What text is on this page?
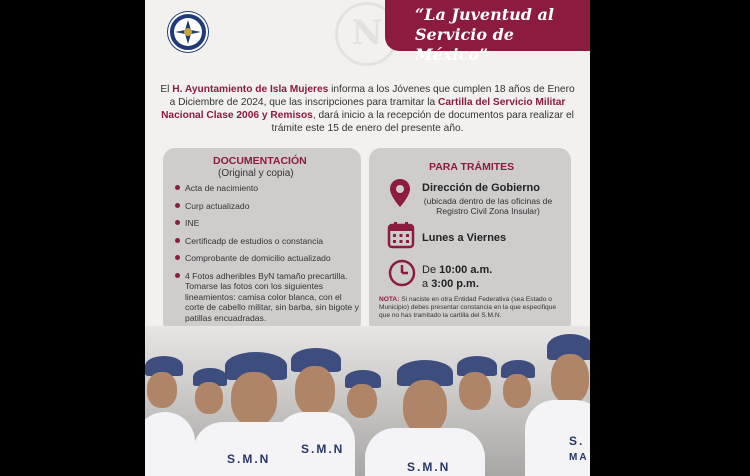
N	“La Juventud al
Servicio de México”
El H. Ayuntamiento de Isla Mujeres informa a los Jóvenes que cumplen 18 años de Enero a Diciembre de 2024, que las inscripciones para tramitar la Cartilla del Servicio Militar Nacional Clase 2006 y Remisos, dará inicio a la recepción de documentos para realizar el trámite este 15 de enero del presente año.
DOCUMENTACIÓN
(Original y copia)
Acta de nacimiento
Curp actualizado
INE
Certificadp de estudios o constancia
Comprobante de domicilio actualizado
4 Fotos adheribles ByN tamaño precartilla. Tomarse las fotos con los siguientes lineamientos: camisa color blanca, con el corte de cabello militar, sin barba, sin bigote y patillas encuadradas.
PARA TRÁMITES
Dirección de Gobierno
(ubicada dentro de las oficinas de Registro Civil Zona Insular)
Lunes a Viernes
De 10:00 a.m.
a 3:00 p.m.
NOTA: Si naciste en otra Entidad Federativa (sea Estado o Municipio) debes presentar constancia en la que especifique que no has tramitado la cartilla del S.M.N.
S.M.N
S.M.N
S.M.N
S.
MA
